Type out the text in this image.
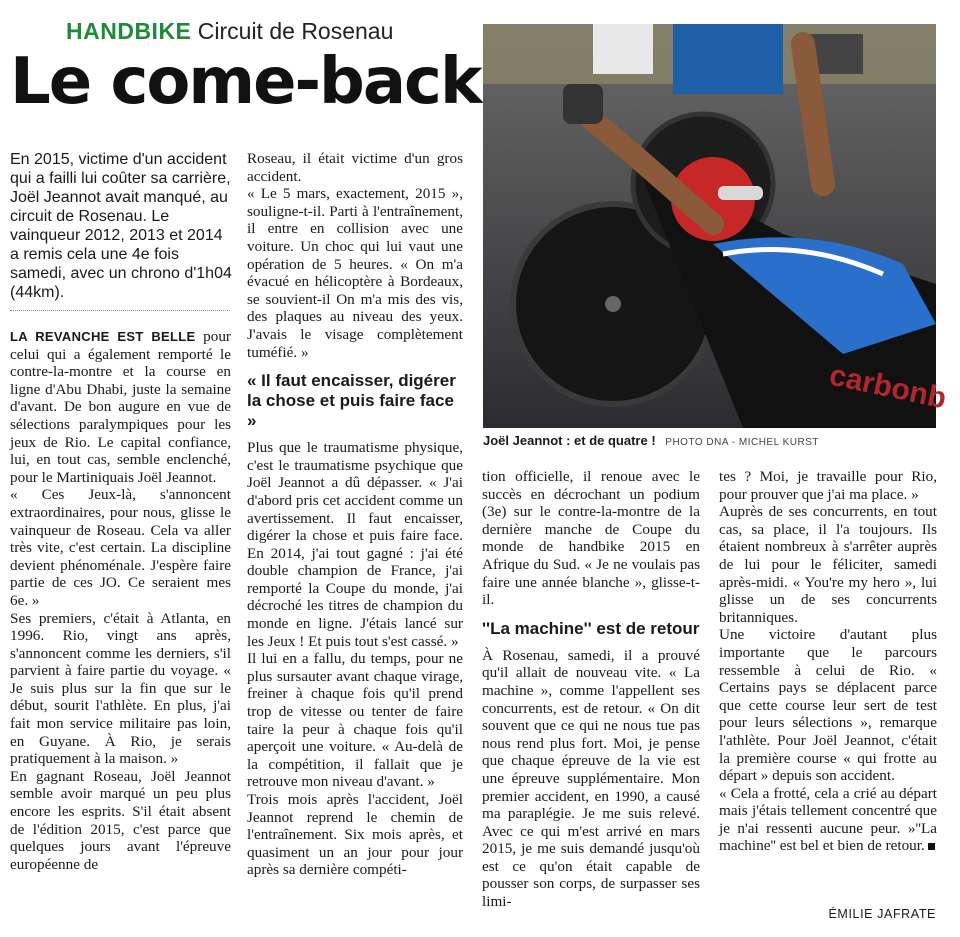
HANDBIKE Circuit de Rosenau
Le come-back
En 2015, victime d'un accident qui a failli lui coûter sa carrière, Joël Jeannot avait manqué, au circuit de Rosenau. Le vainqueur 2012, 2013 et 2014 a remis cela une 4e fois samedi, avec un chrono d'1h04 (44km).

LA REVANCHE EST BELLE pour celui qui a également remporté le contre-la-montre et la course en ligne d'Abu Dhabi, juste la semaine d'avant. De bon augure en vue de sélections paralympiques pour les jeux de Rio. Le capital confiance, lui, en tout cas, semble enclenché, pour le Martiniquais Joël Jeannot.

« Ces Jeux-là, s'annoncent extraordinaires, pour nous, glisse le vainqueur de Roseau. Cela va aller très vite, c'est certain. La discipline devient phénoménale. J'espère faire partie de ces JO. Ce seraient mes 6e. »

Ses premiers, c'était à Atlanta, en 1996. Rio, vingt ans après, s'annoncent comme les derniers, s'il parvient à faire partie du voyage. « Je suis plus sur la fin que sur le début, sourit l'athlète. En plus, j'ai fait mon service militaire pas loin, en Guyane. À Rio, je serais pratiquement à la maison. »

En gagnant Roseau, Joël Jeannot semble avoir marqué un peu plus encore les esprits. S'il était absent de l'édition 2015, c'est parce que quelques jours avant l'épreuve européenne de

Roseau, il était victime d'un gros accident.

« Le 5 mars, exactement, 2015 », souligne-t-il. Parti à l'entraînement, il entre en collision avec une voiture. Un choc qui lui vaut une opération de 5 heures. « On m'a évacué en hélicoptère à Bordeaux, se souvient-il On m'a mis des vis, des plaques au niveau des yeux. J'avais le visage complètement tuméfié. »

« Il faut encaisser, digérer la chose et puis faire face »

Plus que le traumatisme physique, c'est le traumatisme psychique que Joël Jeannot a dû dépasser. « J'ai d'abord pris cet accident comme un avertissement. Il faut encaisser, digérer la chose et puis faire face. En 2014, j'ai tout gagné : j'ai été double champion de France, j'ai remporté la Coupe du monde, j'ai décroché les titres de champion du monde en ligne. J'étais lancé sur les Jeux ! Et puis tout s'est cassé. »

Il lui en a fallu, du temps, pour ne plus sursauter avant chaque virage, freiner à chaque fois qu'il prend trop de vitesse ou tenter de faire taire la peur à chaque fois qu'il aperçoit une voiture. « Au-delà de la compétition, il fallait que je retrouve mon niveau d'avant. »

Trois mois après l'accident, Joël Jeannot reprend le chemin de l'entraînement. Six mois après, et quasiment un an jour pour jour après sa dernière compéti-

carbonb
Joël Jeannot : et de quatre ! PHOTO DNA - MICHEL KURST

tion officielle, il renoue avec le succès en décrochant un podium (3e) sur le contre-la-montre de la dernière manche de Coupe du monde de handbike 2015 en Afrique du Sud. « Je ne voulais pas faire une année blanche », glisse-t-il.

''La machine'' est de retour

À Rosenau, samedi, il a prouvé qu'il allait de nouveau vite. « La machine », comme l'appellent ses concurrents, est de retour. « On dit souvent que ce qui ne nous tue pas nous rend plus fort. Moi, je pense que chaque épreuve de la vie est une épreuve supplémentaire. Mon premier accident, en 1990, a causé ma paraplégie. Je me suis relevé. Avec ce qui m'est arrivé en mars 2015, je me suis demandé jusqu'où est ce qu'on était capable de pousser son corps, de surpasser ses limi-

tes ? Moi, je travaille pour Rio, pour prouver que j'ai ma place. »

Auprès de ses concurrents, en tout cas, sa place, il l'a toujours. Ils étaient nombreux à s'arrêter auprès de lui pour le féliciter, samedi après-midi. « You're my hero », lui glisse un de ses concurrents britanniques.

Une victoire d'autant plus importante que le parcours ressemble à celui de Rio. « Certains pays se déplacent parce que cette course leur sert de test pour leurs sélections », remarque l'athlète. Pour Joël Jeannot, c'était la première course « qui frotte au départ » depuis son accident.

« Cela a frotté, cela a crié au départ mais j'étais tellement concentré que je n'ai ressenti aucune peur. »''La machine'' est bel et bien de retour.

ÉMILIE JAFRATE
